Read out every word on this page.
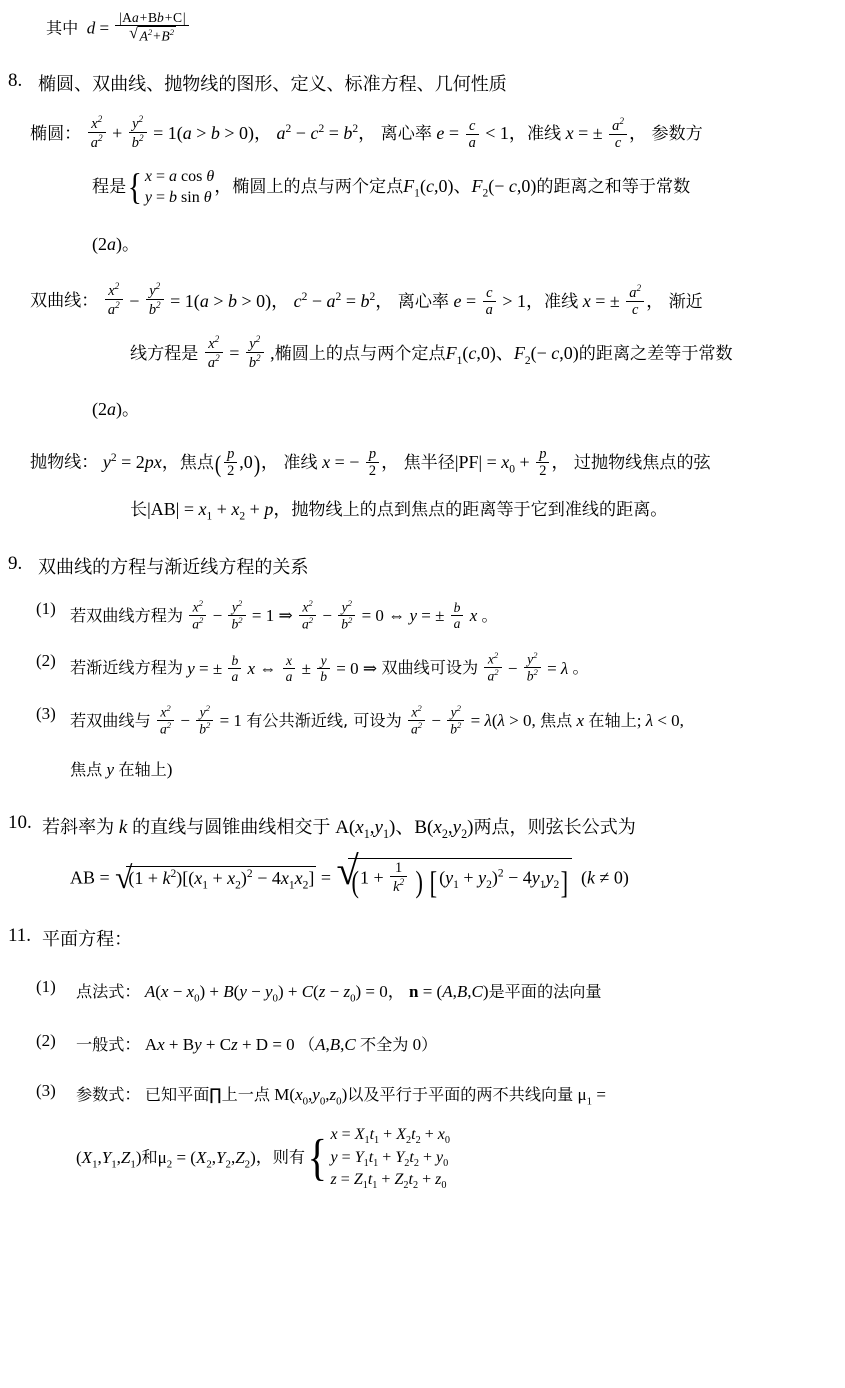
其中  d = |Aa+Bb+C|
√ $A^2+B^2$
8. 椭圆、双曲线、抛物线的图形、定义、标准方程、几何性质
椭圆： $\frac{x^2}{a^2} + \frac{y^2}{b^2} = 1(a > b > 0)$， $a^2 - c^2 = b^2$， 离心率 $e = \frac{c}{a} < 1$，准线 x = ± $\frac{a^2}{c}$ ， 参数方
程是 { x = a cos θ
y = b sin θ
，椭圆上的点与两个定点$F_1(c,0)$、$F_2(- c,0)$的距离之和等于常数
(2a)。
双曲线： $\frac{x^2}{a^2} - \frac{y^2}{b^2} = 1(a > b > 0)$， $c^2 - a^2 = b^2$， 离心率 $e = \frac{c}{a} > 1$，准线 x = ± $\frac{a^2}{c}$ ， 渐近
线方程是 $\frac{x^2}{a^2} = \frac{y^2}{b^2}$ ,椭圆上的点与两个定点$F_1(c,0)$、$F_2(- c,0)$的距离之差等于常数
(2a)。
抛物线： $y^2 = 2px$，焦点( $\frac{p}{2} ,0$)， 准线 x = − $\frac{p}{2}$ ， 焦半径$|PF| = x_0 + \frac{p}{2}$ ， 过抛物线焦点的弦
长$|AB| = x_1 + x_2 + p$，抛物线上的点到焦点的距离等于它到准线的距离。
9. 双曲线的方程与渐近线方程的关系
(1) 若双曲线方程为 $\frac{x^2}{a^2} - \frac{y^2}{b^2} = 1$ ⇒ $\frac{x^2}{a^2} - \frac{y^2}{b^2} = 0$ ⇔ y = ± $\frac{b}{a}$ x 。
(2) 若渐近线方程为 y = ± $\frac{b}{a}$ x ⇔ $\frac{x}{a} \pm \frac{y}{b} = 0$ ⇒ 双曲线可设为 $\frac{x^2}{a^2} - \frac{y^2}{b^2} = \lambda$ 。
(3) 若双曲线与 $\frac{x^2}{a^2} - \frac{y^2}{b^2} = 1$ 有公共渐近线, 可设为 $\frac{x^2}{a^2} - \frac{y^2}{b^2} = \lambda(\lambda > 0$, 焦点 x 在轴上; λ < 0,
焦点 y 在轴上)
10. 若斜率为 k 的直线与圆锥曲线相交于 $A(x_1,y_1)$、$B(x_2,y_2)$两点，则弦长公式为
AB = √ $(1 + k^2)[(x_1 + x_2)^2 - 4x_1x_2]$ = √ ($1 + \frac{1}{k^2}$ ) $[(y_1 + y_2)^2 - 4y_1y_2] (k \ne 0)$
11. 平面方程：
(1)	点法式： $A(x - x_0) + B(y - y_0) + C(z - z_0) = 0$， n = (A,B,C)是平面的法向量
(2)	一般式： Ax + By + Cz + D = 0 （A,B,C 不全为 0）
(3)	参数式： 已知平面∏上一点 $M(x_0,y_0,z_0)$以及平行于平面的两不共线向量 $\mu_1$ =
$(X_1,Y_1,Z_1)$和$\mu_2 = (X_2,Y_2,Z_2)$，则有 { $x = X_1t_1 + X_2t_2 + x_0$
$y = Y_1t_1 + Y_2t_2 + y_0$
$z = Z_1t_1 + Z_2t_2 + z_0$
